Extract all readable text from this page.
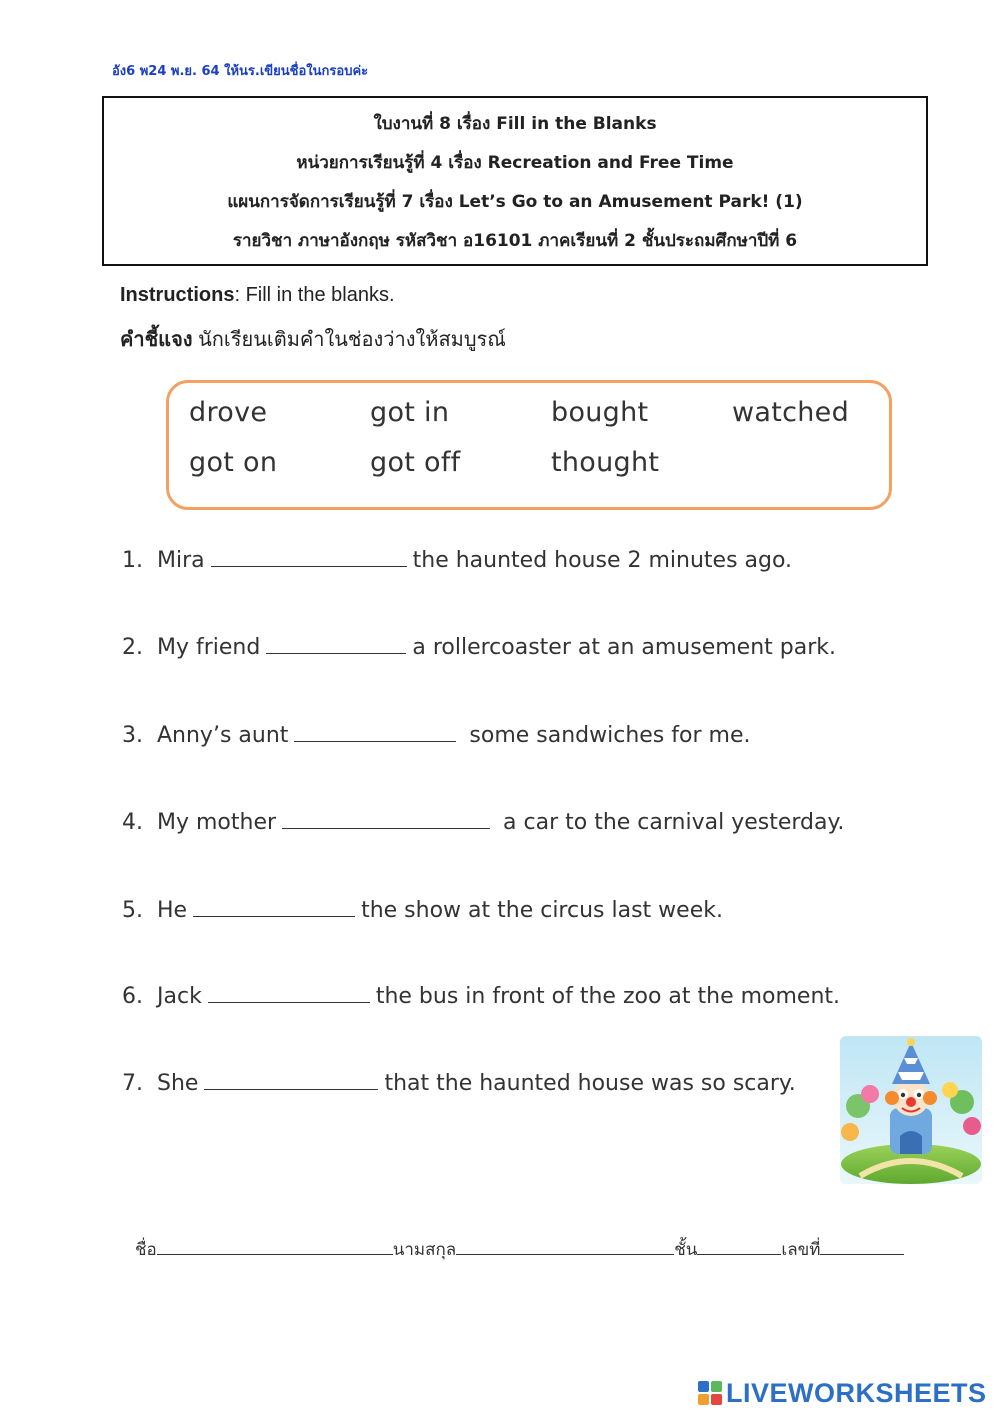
อัง6 พ24 พ.ย. 64 ให้นร.เขียนชื่อในกรอบค่ะ
ใบงานที่ 8 เรื่อง Fill in the Blanks
หน่วยการเรียนรู้ที่ 4 เรื่อง Recreation and Free Time
แผนการจัดการเรียนรู้ที่ 7 เรื่อง Let’s Go to an Amusement Park! (1)
รายวิชา ภาษาอังกฤษ รหัสวิชา อ16101 ภาคเรียนที่ 2 ชั้นประถมศึกษาปีที่ 6
Instructions: Fill in the blanks.
คำชี้แจง นักเรียนเติมคำในช่องว่างให้สมบูรณ์
drove	got in	bought	watched
got on	got off	thought
1. Mira	the haunted house 2 minutes ago.
2. My friend	a rollercoaster at an amusement park.
3. Anny’s aunt	some sandwiches for me.
4. My mother	a car to the carnival yesterday.
5. He	the show at the circus last week.
6. Jack	the bus in front of the zoo at the moment.
7. She	that the haunted house was so scary.
ชื่อ	นามสกุล	ชั้น	เลขที่
LIVEWORKSHEETS
